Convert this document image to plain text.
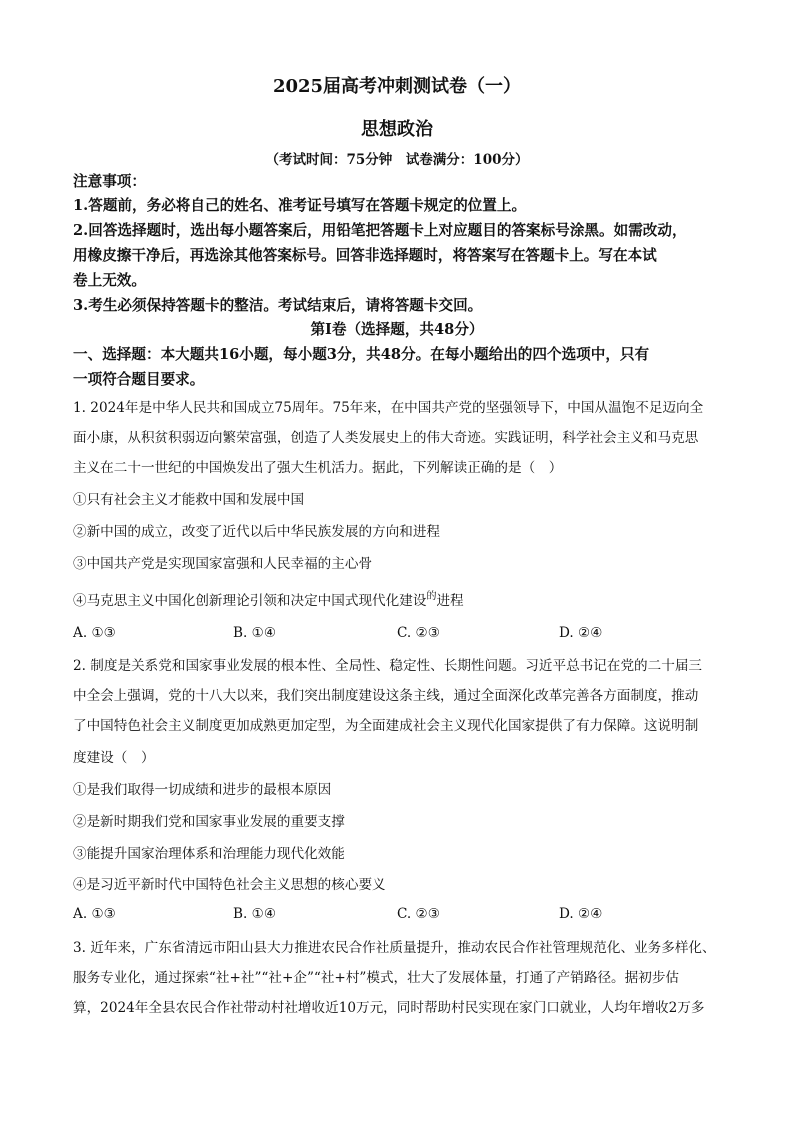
2025届高考冲刺测试卷（一）
思想政治
（考试时间：75分钟　试卷满分：100分）
注意事项：
1.答题前，务必将自己的姓名、准考证号填写在答题卡规定的位置上。
2.回答选择题时，选出每小题答案后，用铅笔把答题卡上对应题目的答案标号涂黑。如需改动，
用橡皮擦干净后，再选涂其他答案标号。回答非选择题时，将答案写在答题卡上。写在本试
卷上无效。
3.考生必须保持答题卡的整洁。考试结束后，请将答题卡交回。
第Ⅰ卷（选择题，共48分）
一、选择题：本大题共16小题，每小题3分，共48分。在每小题给出的四个选项中，只有
一项符合题目要求。
1. 2024年是中华人民共和国成立75周年。75年来，在中国共产党的坚强领导下，中国从温饱不足迈向全
面小康，从积贫积弱迈向繁荣富强，创造了人类发展史上的伟大奇迹。实践证明，科学社会主义和马克思
主义在二十一世纪的中国焕发出了强大生机活力。据此，下列解读正确的是（　）
①只有社会主义才能救中国和发展中国
②新中国的成立，改变了近代以后中华民族发展的方向和进程
③中国共产党是实现国家富强和人民幸福的主心骨
④马克思主义中国化创新理论引领和决定中国式现代化建设$^的$进程
A. ①③	B. ①④	C. ②③	D. ②④
2. 制度是关系党和国家事业发展的根本性、全局性、稳定性、长期性问题。习近平总书记在党的二十届三
中全会上强调，党的十八大以来，我们突出制度建设这条主线，通过全面深化改革完善各方面制度，推动
了中国特色社会主义制度更加成熟更加定型，为全面建成社会主义现代化国家提供了有力保障。这说明制
度建设（　）
①是我们取得一切成绩和进步的最根本原因
②是新时期我们党和国家事业发展的重要支撑
③能提升国家治理体系和治理能力现代化效能
④是习近平新时代中国特色社会主义思想的核心要义
A. ①③	B. ①④	C. ②③	D. ②④
3. 近年来，广东省清远市阳山县大力推进农民合作社质量提升，推动农民合作社管理规范化、业务多样化、
服务专业化，通过探索“社+社”“社+企”“社+村”模式，壮大了发展体量，打通了产销路径。据初步估
算，2024年全县农民合作社带动村社增收近10万元，同时帮助村民实现在家门口就业，人均年增收2万多
